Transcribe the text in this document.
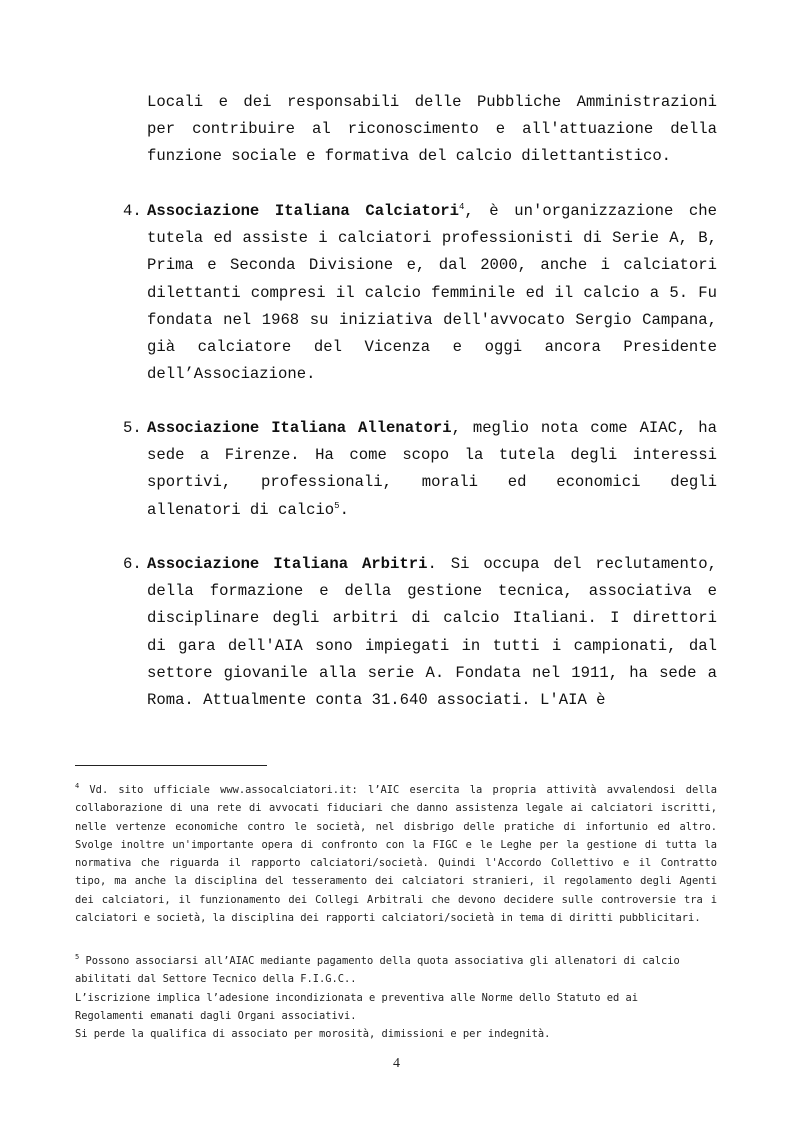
Locali e dei responsabili delle Pubbliche Amministrazioni per contribuire al riconoscimento e all'attuazione della funzione sociale e formativa del calcio dilettantistico.

4. Associazione Italiana Calciatori$^4$, è un'organizzazione che tutela ed assiste i calciatori professionisti di Serie A, B, Prima e Seconda Divisione e, dal 2000, anche i calciatori dilettanti compresi il calcio femminile ed il calcio a 5. Fu fondata nel 1968 su iniziativa dell'avvocato Sergio Campana, già calciatore del Vicenza e oggi ancora Presidente dell’Associazione.

5. Associazione Italiana Allenatori, meglio nota come AIAC, ha sede a Firenze. Ha come scopo la tutela degli interessi sportivi, professionali, morali ed economici degli allenatori di calcio$^5$.

6. Associazione Italiana Arbitri. Si occupa del reclutamento, della formazione e della gestione tecnica, associativa e disciplinare degli arbitri di calcio Italiani. I direttori di gara dell'AIA sono impiegati in tutti i campionati, dal settore giovanile alla serie A. Fondata nel 1911, ha sede a Roma. Attualmente conta 31.640 associati. L'AIA è

$^4$ Vd. sito ufficiale www.assocalciatori.it: l’AIC esercita la propria attività avvalendosi della collaborazione di una rete di avvocati fiduciari che danno assistenza legale ai calciatori iscritti, nelle vertenze economiche contro le società, nel disbrigo delle pratiche di infortunio ed altro. Svolge inoltre un'importante opera di confronto con la FIGC e le Leghe per la gestione di tutta la normativa che riguarda il rapporto calciatori/società. Quindi l'Accordo Collettivo e il Contratto tipo, ma anche la disciplina del tesseramento dei calciatori stranieri, il regolamento degli Agenti dei calciatori, il funzionamento dei Collegi Arbitrali che devono decidere sulle controversie tra i calciatori e società, la disciplina dei rapporti calciatori/società in tema di diritti pubblicitari.

$^5$ Possono associarsi all’AIAC mediante pagamento della quota associativa gli allenatori di calcio
abilitati dal Settore Tecnico della F.I.G.C..
L’iscrizione implica l’adesione incondizionata e preventiva alle Norme dello Statuto ed ai
Regolamenti emanati dagli Organi associativi.
Si perde la qualifica di associato per morosità, dimissioni e per indegnità.
4
